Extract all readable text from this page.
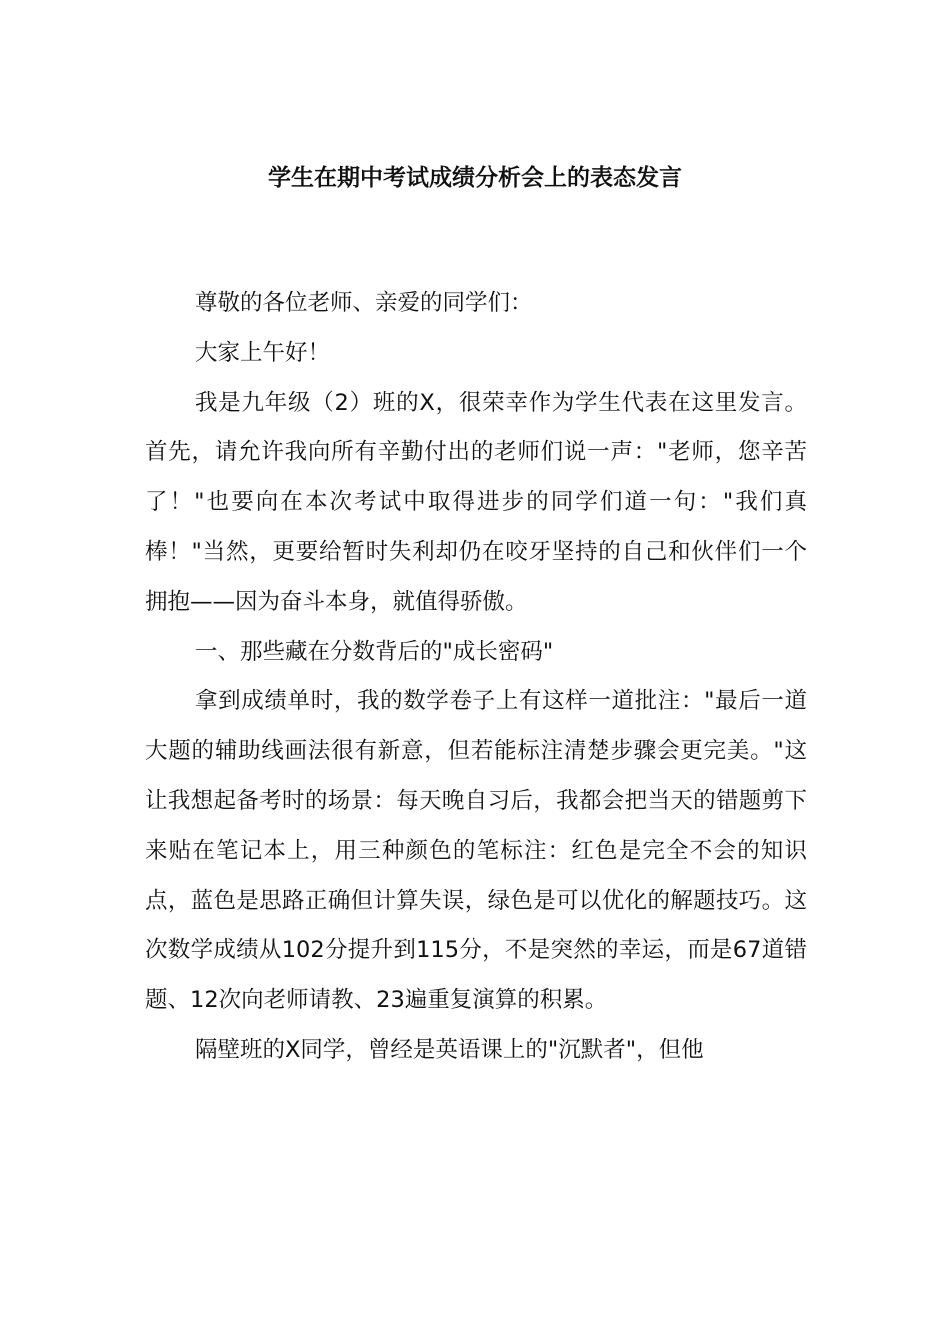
学生在期中考试成绩分析会上的表态发言

尊敬的各位老师、亲爱的同学们：

大家上午好！

我是九年级（2）班的X，很荣幸作为学生代表在这里发言。首先，请允许我向所有辛勤付出的老师们说一声："老师，您辛苦了！"也要向在本次考试中取得进步的同学们道一句："我们真棒！"当然，更要给暂时失利却仍在咬牙坚持的自己和伙伴们一个拥抱——因为奋斗本身，就值得骄傲。

一、那些藏在分数背后的"成长密码"

拿到成绩单时，我的数学卷子上有这样一道批注："最后一道大题的辅助线画法很有新意，但若能标注清楚步骤会更完美。"这让我想起备考时的场景：每天晚自习后，我都会把当天的错题剪下来贴在笔记本上，用三种颜色的笔标注：红色是完全不会的知识点，蓝色是思路正确但计算失误，绿色是可以优化的解题技巧。这次数学成绩从102分提升到115分，不是突然的幸运，而是67道错题、12次向老师请教、23遍重复演算的积累。

隔壁班的X同学，曾经是英语课上的"沉默者"，但他
